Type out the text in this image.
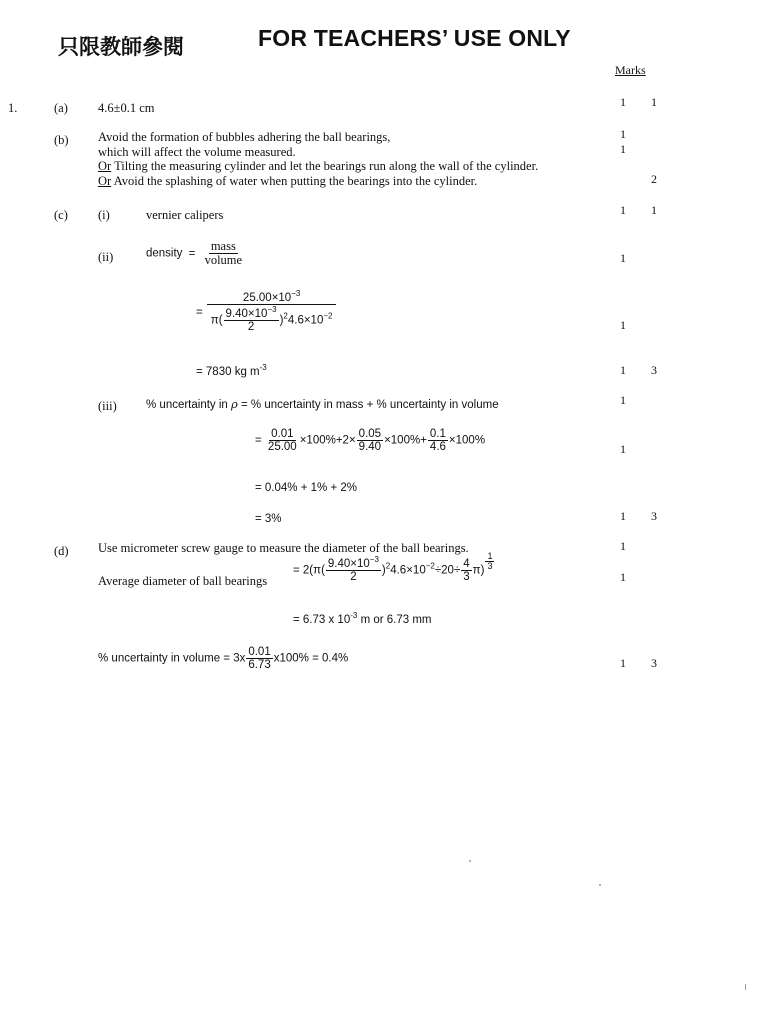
只限教師參閱	FOR TEACHERS’ USE ONLY
Marks
1.	(a) 4.6±0.1 cm	1 1
(b) Avoid the formation of bubbles adhering the ball bearings,
which will affect the volume measured.
Or Tilting the measuring cylinder and let the bearings run along the wall of the cylinder.
Or Avoid the splashing of water when putting the bearings into the cylinder.
1
1
2
(c) (i)	vernier calipers	1 1
(ii)	density = $\frac{\text{mass}}{\text{volume}}$	1
= $\frac{25.00\times 10^{-3}}{\pi( \frac{9.40\times 10^{-3}}{2} )^24.6\times 10^{-2}}$	1
= 7830 kg $m^{-3}$	1 3
(iii)	% uncertainty in ρ = % uncertainty in mass + % uncertainty in volume	1
= $\frac{0.01}{25.00} \times 100\%+2\times \frac{0.05}{9.40} \times 100\%+ \frac{0.1}{4.6} \times 100\%$
1
= 0.04% + 1% + 2%
= 3%	1 3
(d) Use micrometer screw gauge to measure the diameter of the ball bearings.	1
Average diameter of ball bearings
= $2(\pi( \frac{9.40\times 10^{-3}}{2} )^24.6\times 10^{-2}\div 20\div \frac{4}{3} \pi) \frac{1}{3}$
1
= 6.73 x $10^{-3}$ m or 6.73 mm
% uncertainty in volume = $3x \frac{0.01}{6.73} x100\% = 0.4\%$	1 3
